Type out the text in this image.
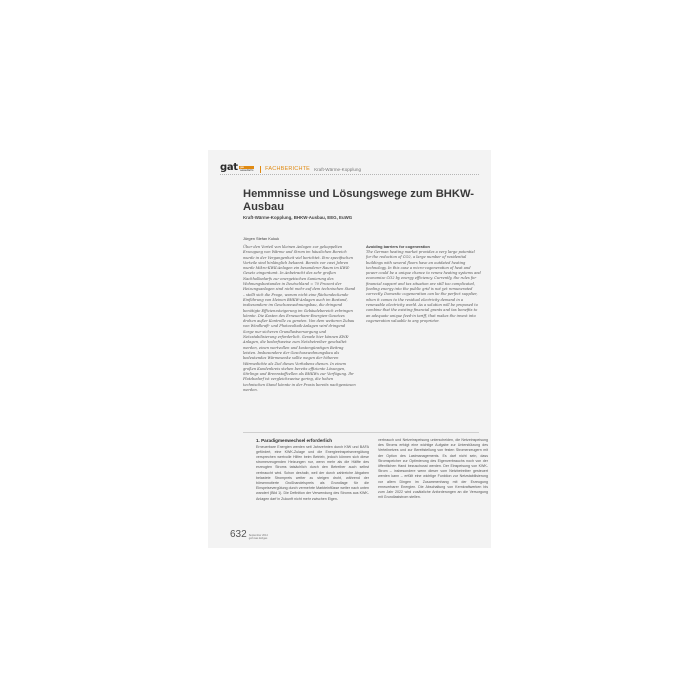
gat gas
wasserfachs	FACHBERICHTE Kraft-Wärme-Kopplung
Hemmnisse und Lösungswege zum BHKW-Ausbau
Kraft-Wärme-Kopplung, BHKW-Ausbau, EEG, EuWG
Jürgen Stefan Kukuk

Über den Vorteil von kleinen Anlagen zur gekoppelten Erzeugung von Wärme und Strom im häuslichen Bereich wurde in der Vergangenheit viel berichtet. Ihre spezifischen Vorteile sind hinlänglich bekannt. Bereits vor zwei Jahren wurde Mikro-KWK-Anlagen ein besonderer Raum im KWK-Gesetz eingeräumt. In Anbetracht des sehr großen Nachholbedarfs zur energetischen Sanierung des Wohnungsbestandes in Deutschland = 70 Prozent der Heizungsanlagen sind nicht mehr auf dem technischen Stand – stellt sich die Frage, warum nicht eine flächendeckende Einführung von kleinen BHKW-Anlagen auch im Bestand, insbesondere im Geschosswohnungsbau, die dringend benötigte Effizienzsteigerung im Gebäudebereich erbringen könnte. Die Kosten des Erneuerbare-Energien-Gesetzes drohen außer Kontrolle zu geraten. Von dem weiteren Zubau von Windkraft- und Photovoltaik-Anlagen wird dringend Sorge nur sicheren Grundlastversorgung und Netzstabilisierung erforderlich. Gerade hier können KWK-Anlagen, die bedarfsweise zum Netzbetreiber geschaltet werden, einen wertvollen und kostengünstigen Beitrag leisten. Insbesondere der Geschosswohnungsbau als bedeutendes Wärmesenke sollte wegen der höheren Wärmedichte als Ziel dieses Vorhabens dienen. In einem großen Kundenkreis stehen bereits effiziente Lösungen, Stirlings und Brennstoffzellen als BHKWs zur Verfügung. Ihr Platzbedarf ist vergleichsweise gering, die hohen technischen Stand könnte in der Praxis bereits nachgewiesen werden.

Avoiding barriers for cogeneration

The German heating market provides a very large potential for the reduction of CO2, a large number of residential buildings with several floors have an outdated heating technology. In this case a micro-cogeneration of heat and power could be a unique chance to renew heating systems and economize CO2 by energy efficiency. Currently, the rules for financial support and tax situation are still too complicated, feeding energy into the public grid is not yet remunerated correctly. Domestic cogeneration can be the perfect supplier, when it comes to the residual electricity demand in a renewable electricity world. As a solution will be proposed to combine that the existing financial grants and tax benefits to an adequate unique feed-in tariff, that makes the invest into cogeneration valuable to any proprietor.

1. Paradigmenwechsel erforderlich

Erneuerbare Energien werden seit Jahrzehnten durch KfW und BAFA gefördert, eine KWK-Zulage und die Energieeinspeisevergütung versprechen wertvolle Hilfen beim Betrieb, jedoch können sich diese stromerzeugenden Heizungen nur, wenn mehr als die Hälfte des erzeugten Stroms tatsächlich durch den Betreiber auch selbst verbraucht wird. Schon deshalb, weil der durch zahlreiche Abgaben belastete Strompreis weiter zu steigen droht, während der börsennotierte Großhandelspreis als Grundlage für die Einspeisevergütung durch vermehrte Markteinflüsse weiter nach unten wandert (Bild 1). Die Definition der Verwendung des Stroms aus KWK-Anlagen darf in Zukunft nicht mehr zwischen Eigen-

verbrauch und Netzeinspeisung unterscheiden, die Netzeinspeisung des Stroms erfolgt eine wichtige Aufgabe zur Unterstützung des Verteilnetzes und zur Bereitstellung von festen Stromerzeugern mit der Option des Lastmanagements. Es darf nicht sein, dass Stromspeicher zur Optimierung des Eigenverbrauchs noch von der öffentlichen Hand bezuschusst werden. Der Einspeisung von KWK-Strom – insbesondere wenn dieser vom Netzbetreiber gesteuert werden kann – erfüllt eine wichtige Funktion zur Netzstabilisierung vor allem Dingen im Zusammenhang mit der Erzeugung erneuerbarer Energien. Die Abschaltung von Kernkraftwerken bis zum Jahr 2022 wird zusätzliche Anforderungen an die Versorgung mit Grundlaststrom stellen.

632 September 2014
gwf-Gas Erdgas
